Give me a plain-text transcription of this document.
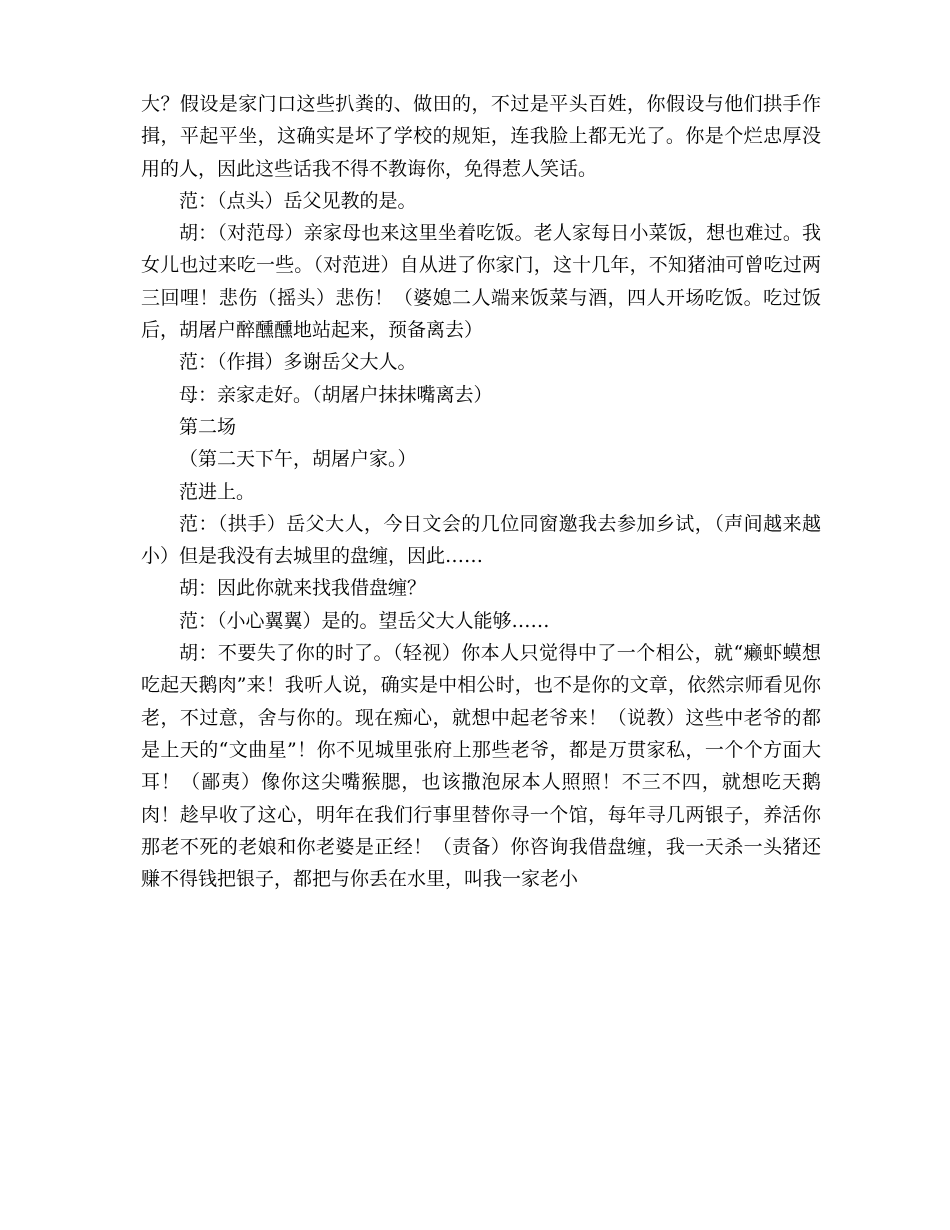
大？假设是家门口这些扒粪的、做田的，不过是平头百姓，你假设与他们拱手作揖，平起平坐，这确实是坏了学校的规矩，连我脸上都无光了。你是个烂忠厚没用的人，因此这些话我不得不教诲你，免得惹人笑话。

范：（点头）岳父见教的是。

胡：（对范母）亲家母也来这里坐着吃饭。老人家每日小菜饭，想也难过。我女儿也过来吃一些。（对范进）自从进了你家门，这十几年，不知猪油可曾吃过两三回哩！悲伤（摇头）悲伤！（婆媳二人端来饭菜与酒，四人开场吃饭。吃过饭后，胡屠户醉醺醺地站起来，预备离去）

范：（作揖）多谢岳父大人。

母：亲家走好。（胡屠户抹抹嘴离去）

第二场

（第二天下午，胡屠户家。）

范进上。

范：（拱手）岳父大人，今日文会的几位同窗邀我去参加乡试，（声间越来越小）但是我没有去城里的盘缠，因此……

胡：因此你就来找我借盘缠？

范：（小心翼翼）是的。望岳父大人能够……

胡：不要失了你的时了。（轻视）你本人只觉得中了一个相公，就“癞虾蟆想吃起天鹅肉”来！我听人说，确实是中相公时，也不是你的文章，依然宗师看见你老，不过意，舍与你的。现在痴心，就想中起老爷来！（说教）这些中老爷的都是上天的“文曲星”！你不见城里张府上那些老爷，都是万贯家私，一个个方面大耳！（鄙夷）像你这尖嘴猴腮，也该撒泡尿本人照照！不三不四，就想吃天鹅肉！趁早收了这心，明年在我们行事里替你寻一个馆，每年寻几两银子，养活你那老不死的老娘和你老婆是正经！（责备）你咨询我借盘缠，我一天杀一头猪还赚不得钱把银子，都把与你丢在水里，叫我一家老小
